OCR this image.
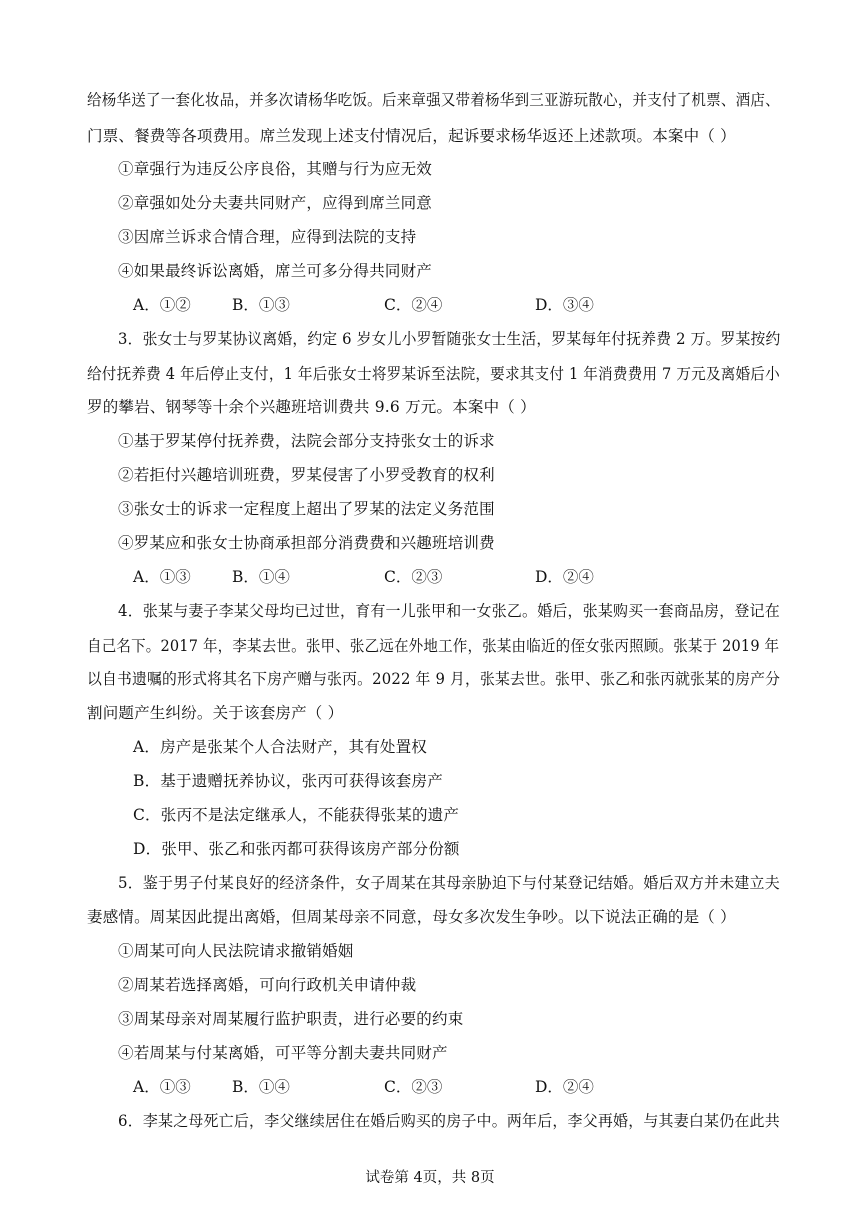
给杨华送了一套化妆品，并多次请杨华吃饭。后来章强又带着杨华到三亚游玩散心，并支付了机票、酒店、
门票、餐费等各项费用。席兰发现上述支付情况后，起诉要求杨华返还上述款项。本案中（ ）
①章强行为违反公序良俗，其赠与行为应无效
②章强如处分夫妻共同财产，应得到席兰同意
③因席兰诉求合情合理，应得到法院的支持
④如果最终诉讼离婚，席兰可多分得共同财产
A．①②	B．①③	C．②④	D．③④
3．张女士与罗某协议离婚，约定 6 岁女儿小罗暂随张女士生活，罗某每年付抚养费 2 万。罗某按约
给付抚养费 4 年后停止支付，1 年后张女士将罗某诉至法院，要求其支付 1 年消费费用 7 万元及离婚后小
罗的攀岩、钢琴等十余个兴趣班培训费共 9.6 万元。本案中（ ）
①基于罗某停付抚养费，法院会部分支持张女士的诉求
②若拒付兴趣培训班费，罗某侵害了小罗受教育的权利
③张女士的诉求一定程度上超出了罗某的法定义务范围
④罗某应和张女士协商承担部分消费费和兴趣班培训费
A．①③	B．①④	C．②③	D．②④
4．张某与妻子李某父母均已过世，育有一儿张甲和一女张乙。婚后，张某购买一套商品房，登记在
自己名下。2017 年，李某去世。张甲、张乙远在外地工作，张某由临近的侄女张丙照顾。张某于 2019 年
以自书遗嘱的形式将其名下房产赠与张丙。2022 年 9 月，张某去世。张甲、张乙和张丙就张某的房产分
割问题产生纠纷。关于该套房产（ ）
A．房产是张某个人合法财产，其有处置权
B．基于遗赠抚养协议，张丙可获得该套房产
C．张丙不是法定继承人，不能获得张某的遗产
D．张甲、张乙和张丙都可获得该房产部分份额
5．鉴于男子付某良好的经济条件，女子周某在其母亲胁迫下与付某登记结婚。婚后双方并未建立夫
妻感情。周某因此提出离婚，但周某母亲不同意，母女多次发生争吵。以下说法正确的是（ ）
①周某可向人民法院请求撤销婚姻
②周某若选择离婚，可向行政机关申请仲裁
③周某母亲对周某履行监护职责，进行必要的约束
④若周某与付某离婚，可平等分割夫妻共同财产
A．①③	B．①④	C．②③	D．②④
6．李某之母死亡后，李父继续居住在婚后购买的房子中。两年后，李父再婚，与其妻白某仍在此共
试卷第 4页，共 8页
